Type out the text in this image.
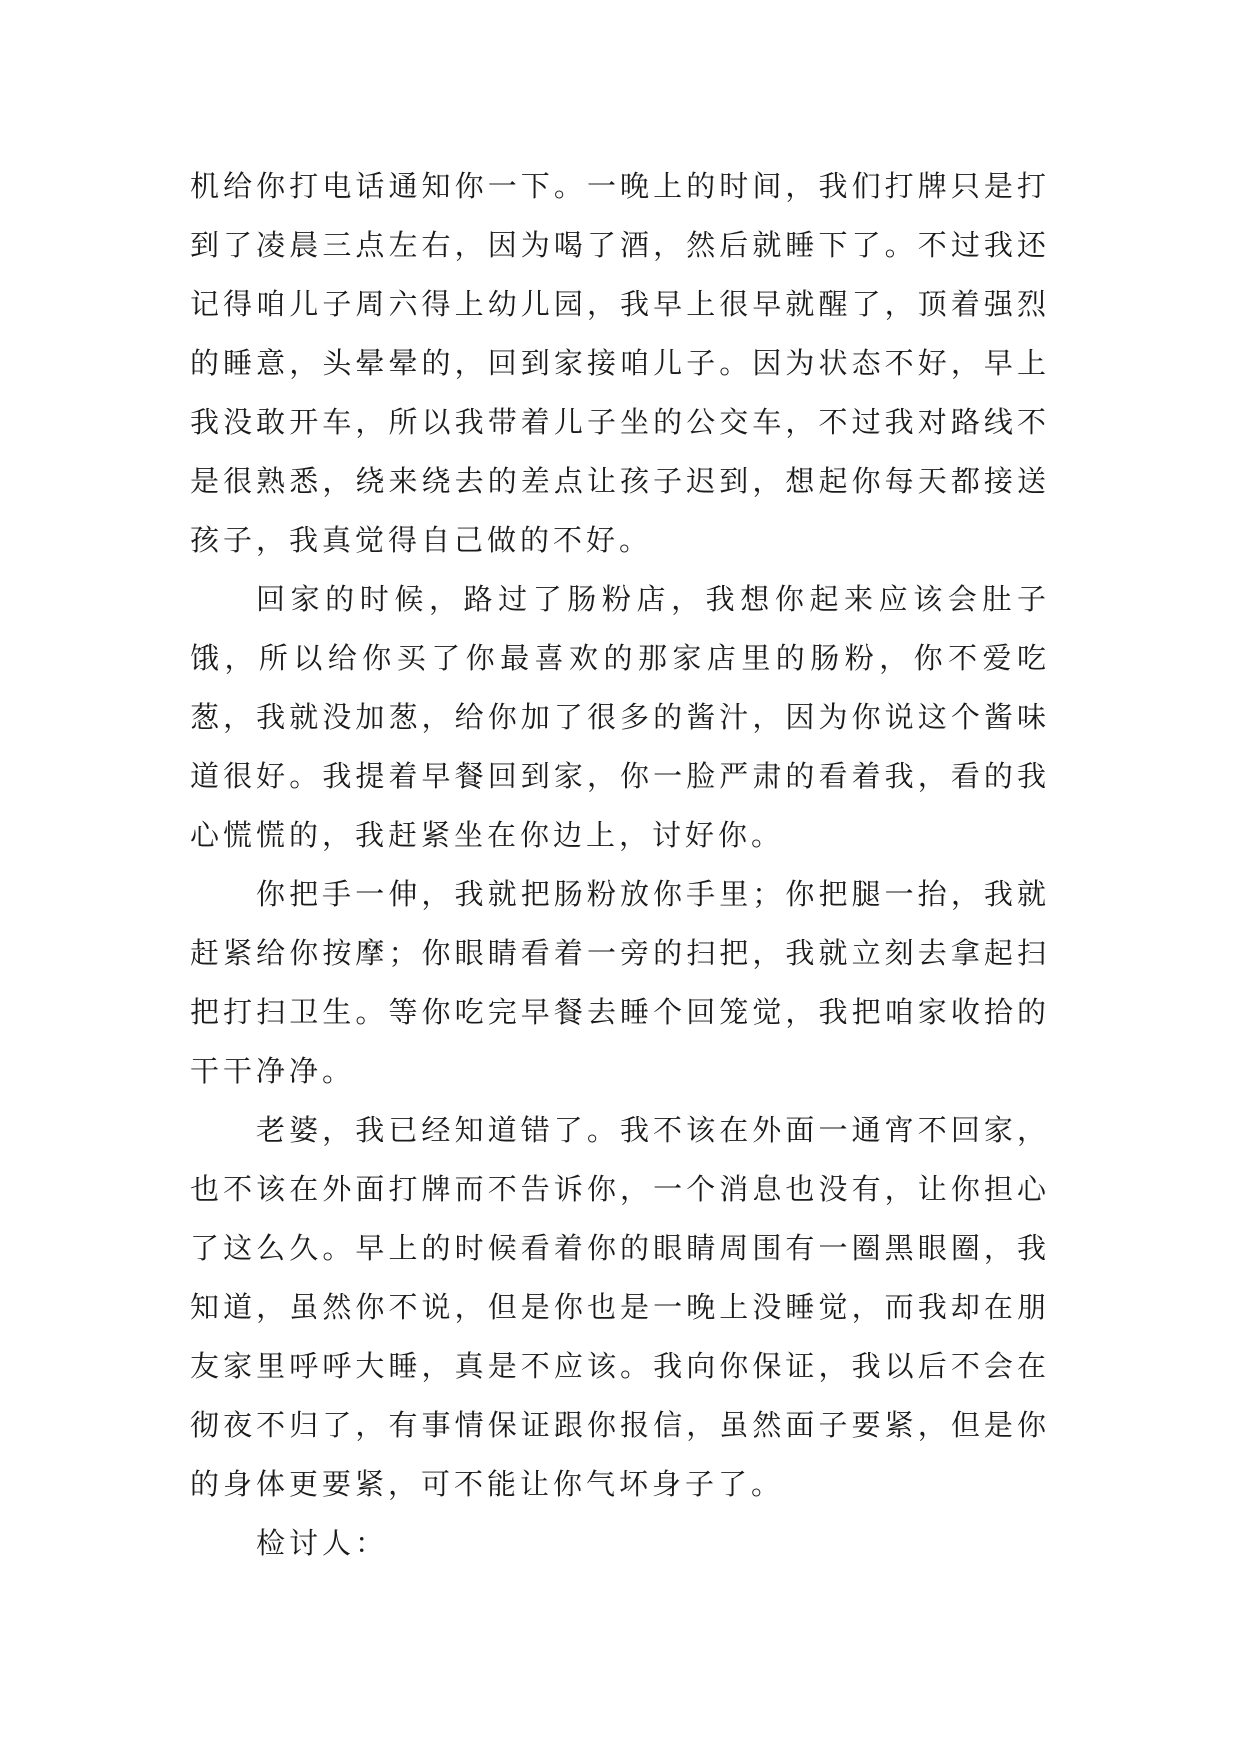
机给你打电话通知你一下。一晚上的时间，我们打牌只是打到了凌晨三点左右，因为喝了酒，然后就睡下了。不过我还记得咱儿子周六得上幼儿园，我早上很早就醒了，顶着强烈的睡意，头晕晕的，回到家接咱儿子。因为状态不好，早上我没敢开车，所以我带着儿子坐的公交车，不过我对路线不是很熟悉，绕来绕去的差点让孩子迟到，想起你每天都接送孩子，我真觉得自己做的不好。

回家的时候，路过了肠粉店，我想你起来应该会肚子饿，所以给你买了你最喜欢的那家店里的肠粉，你不爱吃葱，我就没加葱，给你加了很多的酱汁，因为你说这个酱味道很好。我提着早餐回到家，你一脸严肃的看着我，看的我心慌慌的，我赶紧坐在你边上，讨好你。

你把手一伸，我就把肠粉放你手里；你把腿一抬，我就赶紧给你按摩；你眼睛看着一旁的扫把，我就立刻去拿起扫把打扫卫生。等你吃完早餐去睡个回笼觉，我把咱家收拾的干干净净。

老婆，我已经知道错了。我不该在外面一通宵不回家，也不该在外面打牌而不告诉你，一个消息也没有，让你担心了这么久。早上的时候看着你的眼睛周围有一圈黑眼圈，我知道，虽然你不说，但是你也是一晚上没睡觉，而我却在朋友家里呼呼大睡，真是不应该。我向你保证，我以后不会在彻夜不归了，有事情保证跟你报信，虽然面子要紧，但是你的身体更要紧，可不能让你气坏身子了。

检讨人：
